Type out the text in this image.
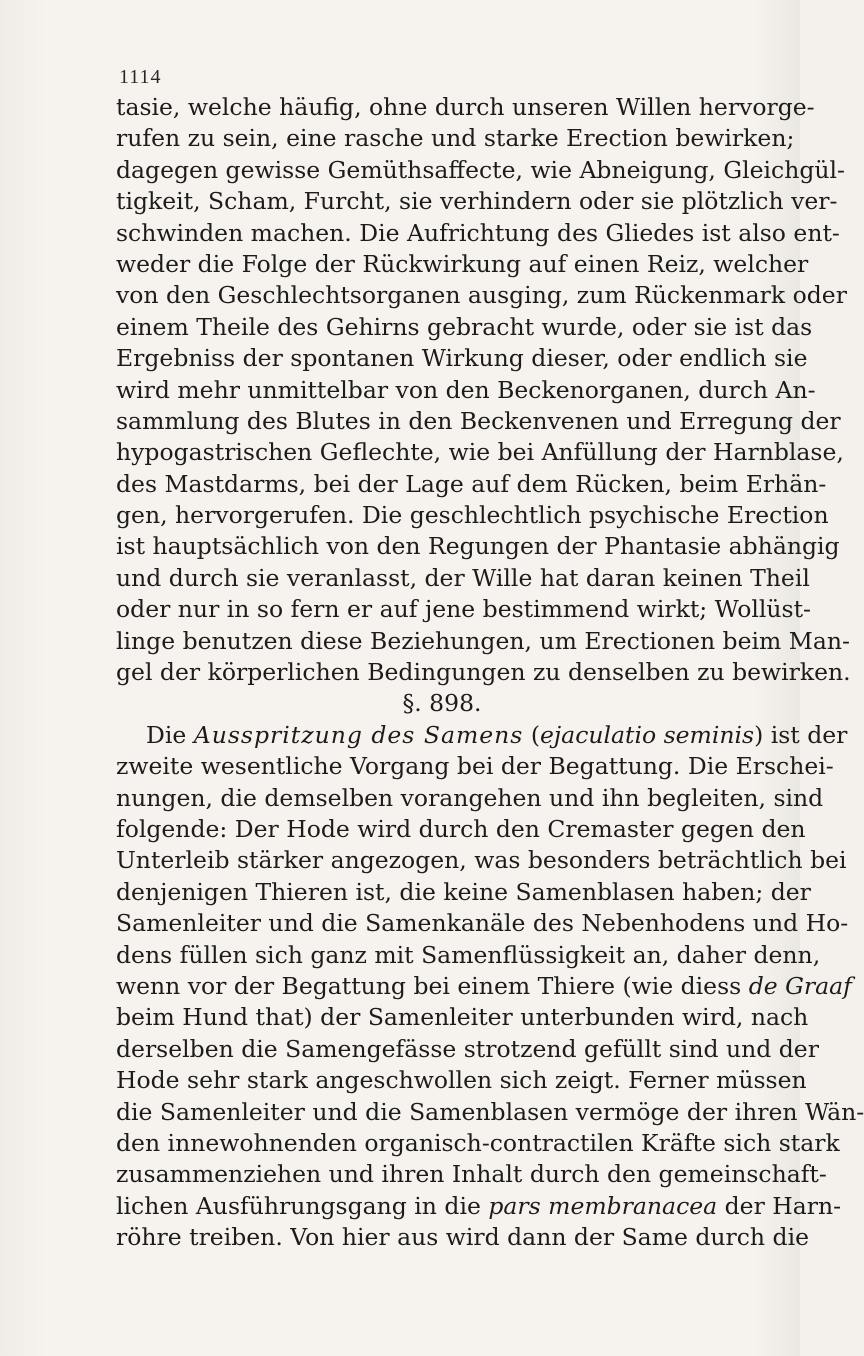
1114
tasie, welche häufig, ohne durch unseren Willen hervorge-
rufen zu sein, eine rasche und starke Erection bewirken;
dagegen gewisse Gemüthsaffecte, wie Abneigung, Gleichgül-
tigkeit, Scham, Furcht, sie verhindern oder sie plötzlich ver-
schwinden machen. Die Aufrichtung des Gliedes ist also ent-
weder die Folge der Rückwirkung auf einen Reiz, welcher
von den Geschlechtsorganen ausging, zum Rückenmark oder
einem Theile des Gehirns gebracht wurde, oder sie ist das
Ergebniss der spontanen Wirkung dieser, oder endlich sie
wird mehr unmittelbar von den Beckenorganen, durch An-
sammlung des Blutes in den Beckenvenen und Erregung der
hypogastrischen Geflechte, wie bei Anfüllung der Harnblase,
des Mastdarms, bei der Lage auf dem Rücken, beim Erhän-
gen, hervorgerufen. Die geschlechtlich psychische Erection
ist hauptsächlich von den Regungen der Phantasie abhängig
und durch sie veranlasst, der Wille hat daran keinen Theil
oder nur in so fern er auf jene bestimmend wirkt; Wollüst-
linge benutzen diese Beziehungen, um Erectionen beim Man-
gel der körperlichen Bedingungen zu denselben zu bewirken.
§. 898.
Die Ausspritzung des Samens (ejaculatio seminis) ist der
zweite wesentliche Vorgang bei der Begattung. Die Erschei-
nungen, die demselben vorangehen und ihn begleiten, sind
folgende: Der Hode wird durch den Cremaster gegen den
Unterleib stärker angezogen, was besonders beträchtlich bei
denjenigen Thieren ist, die keine Samenblasen haben; der
Samenleiter und die Samenkanäle des Nebenhodens und Ho-
dens füllen sich ganz mit Samenflüssigkeit an, daher denn,
wenn vor der Begattung bei einem Thiere (wie diess de Graaf
beim Hund that) der Samenleiter unterbunden wird, nach
derselben die Samengefässe strotzend gefüllt sind und der
Hode sehr stark angeschwollen sich zeigt. Ferner müssen
die Samenleiter und die Samenblasen vermöge der ihren Wän-
den innewohnenden organisch-contractilen Kräfte sich stark
zusammenziehen und ihren Inhalt durch den gemeinschaft-
lichen Ausführungsgang in die pars membranacea der Harn-
röhre treiben. Von hier aus wird dann der Same durch die
